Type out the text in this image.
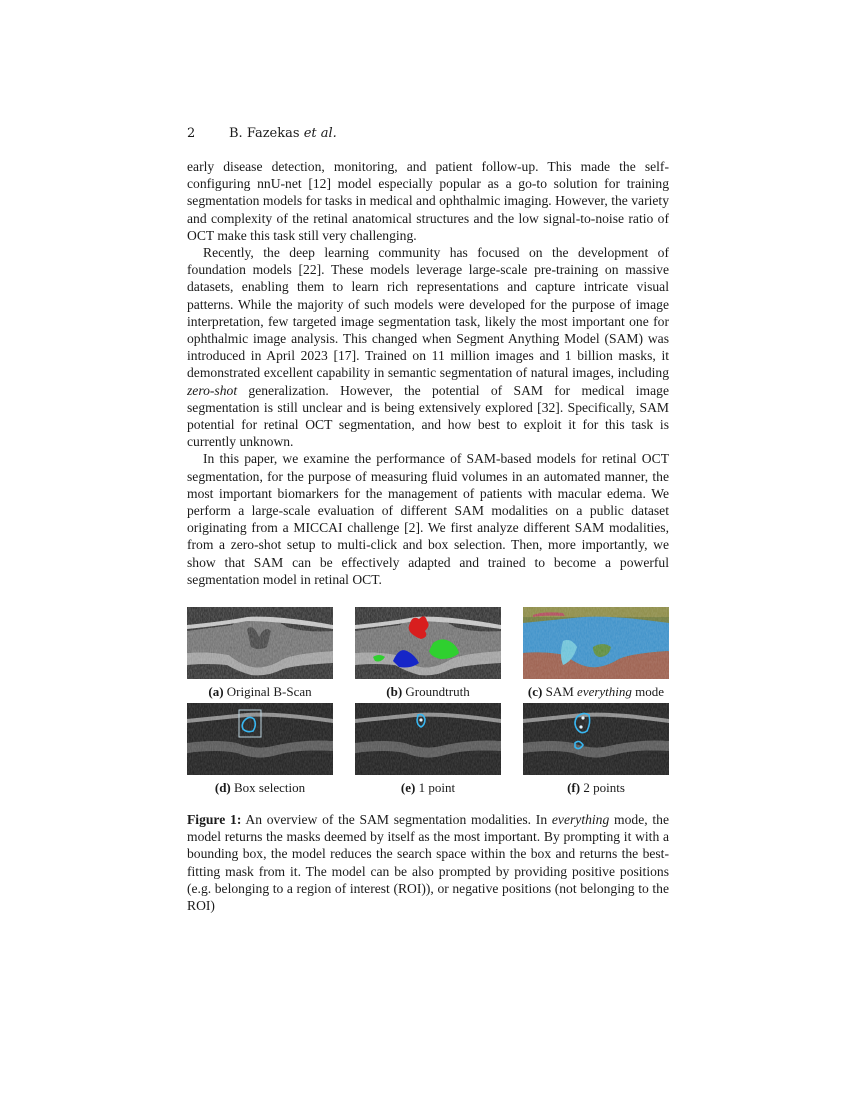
2	B. Fazekas et al.

early disease detection, monitoring, and patient follow-up. This made the self-configuring nnU-net [12] model especially popular as a go-to solution for training segmentation models for tasks in medical and ophthalmic imaging. However, the variety and complexity of the retinal anatomical structures and the low signal-to-noise ratio of OCT make this task still very challenging.

Recently, the deep learning community has focused on the development of foundation models [22]. These models leverage large-scale pre-training on massive datasets, enabling them to learn rich representations and capture intricate visual patterns. While the majority of such models were developed for the purpose of image interpretation, few targeted image segmentation task, likely the most important one for ophthalmic image analysis. This changed when Segment Anything Model (SAM) was introduced in April 2023 [17]. Trained on 11 million images and 1 billion masks, it demonstrated excellent capability in semantic segmentation of natural images, including zero-shot generalization. However, the potential of SAM for medical image segmentation is still unclear and is being extensively explored [32]. Specifically, SAM potential for retinal OCT segmentation, and how best to exploit it for this task is currently unknown.

In this paper, we examine the performance of SAM-based models for retinal OCT segmentation, for the purpose of measuring fluid volumes in an automated manner, the most important biomarkers for the management of patients with macular edema. We perform a large-scale evaluation of different SAM modalities on a public dataset originating from a MICCAI challenge [2]. We first analyze different SAM modalities, from a zero-shot setup to multi-click and box selection. Then, more importantly, we show that SAM can be effectively adapted and trained to become a powerful segmentation model in retinal OCT.

(a) Original B-Scan	(b) Groundtruth	(c) SAM everything mode
(d) Box selection	(e) 1 point	(f) 2 points
Figure 1: An overview of the SAM segmentation modalities. In everything mode, the model returns the masks deemed by itself as the most important. By prompting it with a bounding box, the model reduces the search space within the box and returns the best-fitting mask from it. The model can be also prompted by providing positive positions (e.g. belonging to a region of interest (ROI)), or negative positions (not belonging to the ROI)
